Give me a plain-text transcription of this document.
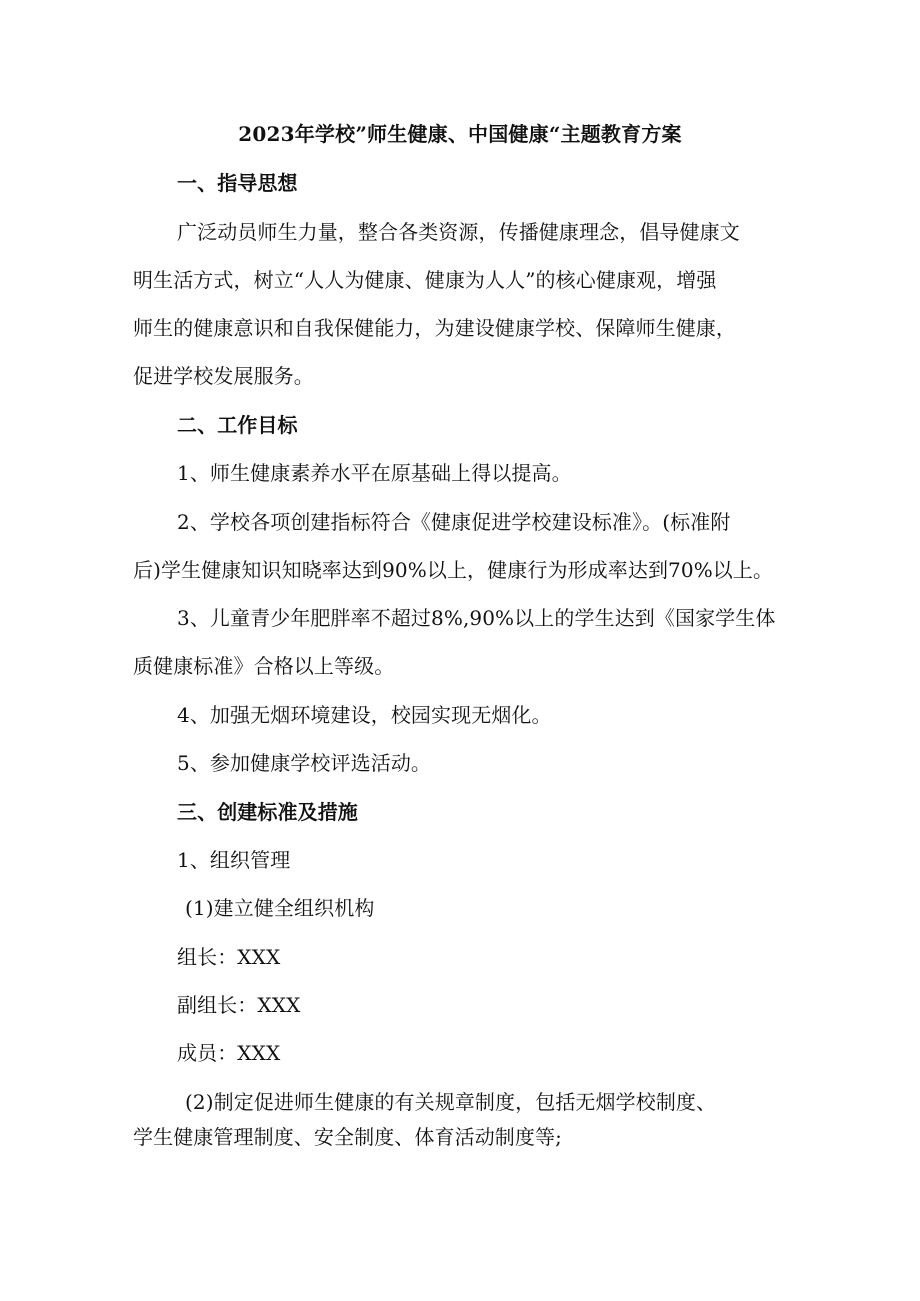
2023年学校”师生健康、中国健康“主题教育方案
一、指导思想
广泛动员师生力量，整合各类资源，传播健康理念，倡导健康文
明生活方式，树立“人人为健康、健康为人人”的核心健康观，增强
师生的健康意识和自我保健能力，为建设健康学校、保障师生健康，
促进学校发展服务。
二、工作目标
1、师生健康素养水平在原基础上得以提高。
2、学校各项创建指标符合《健康促进学校建设标准》。(标准附
后)学生健康知识知晓率达到90%以上，健康行为形成率达到70%以上。
3、儿童青少年肥胖率不超过8%,90%以上的学生达到《国家学生体
质健康标准》合格以上等级。
4、加强无烟环境建设，校园实现无烟化。
5、参加健康学校评选活动。
三、创建标准及措施
1、组织管理
(1)建立健全组织机构
组长：XXX
副组长：XXX
成员：XXX
(2)制定促进师生健康的有关规章制度，包括无烟学校制度、
学生健康管理制度、安全制度、体育活动制度等;
